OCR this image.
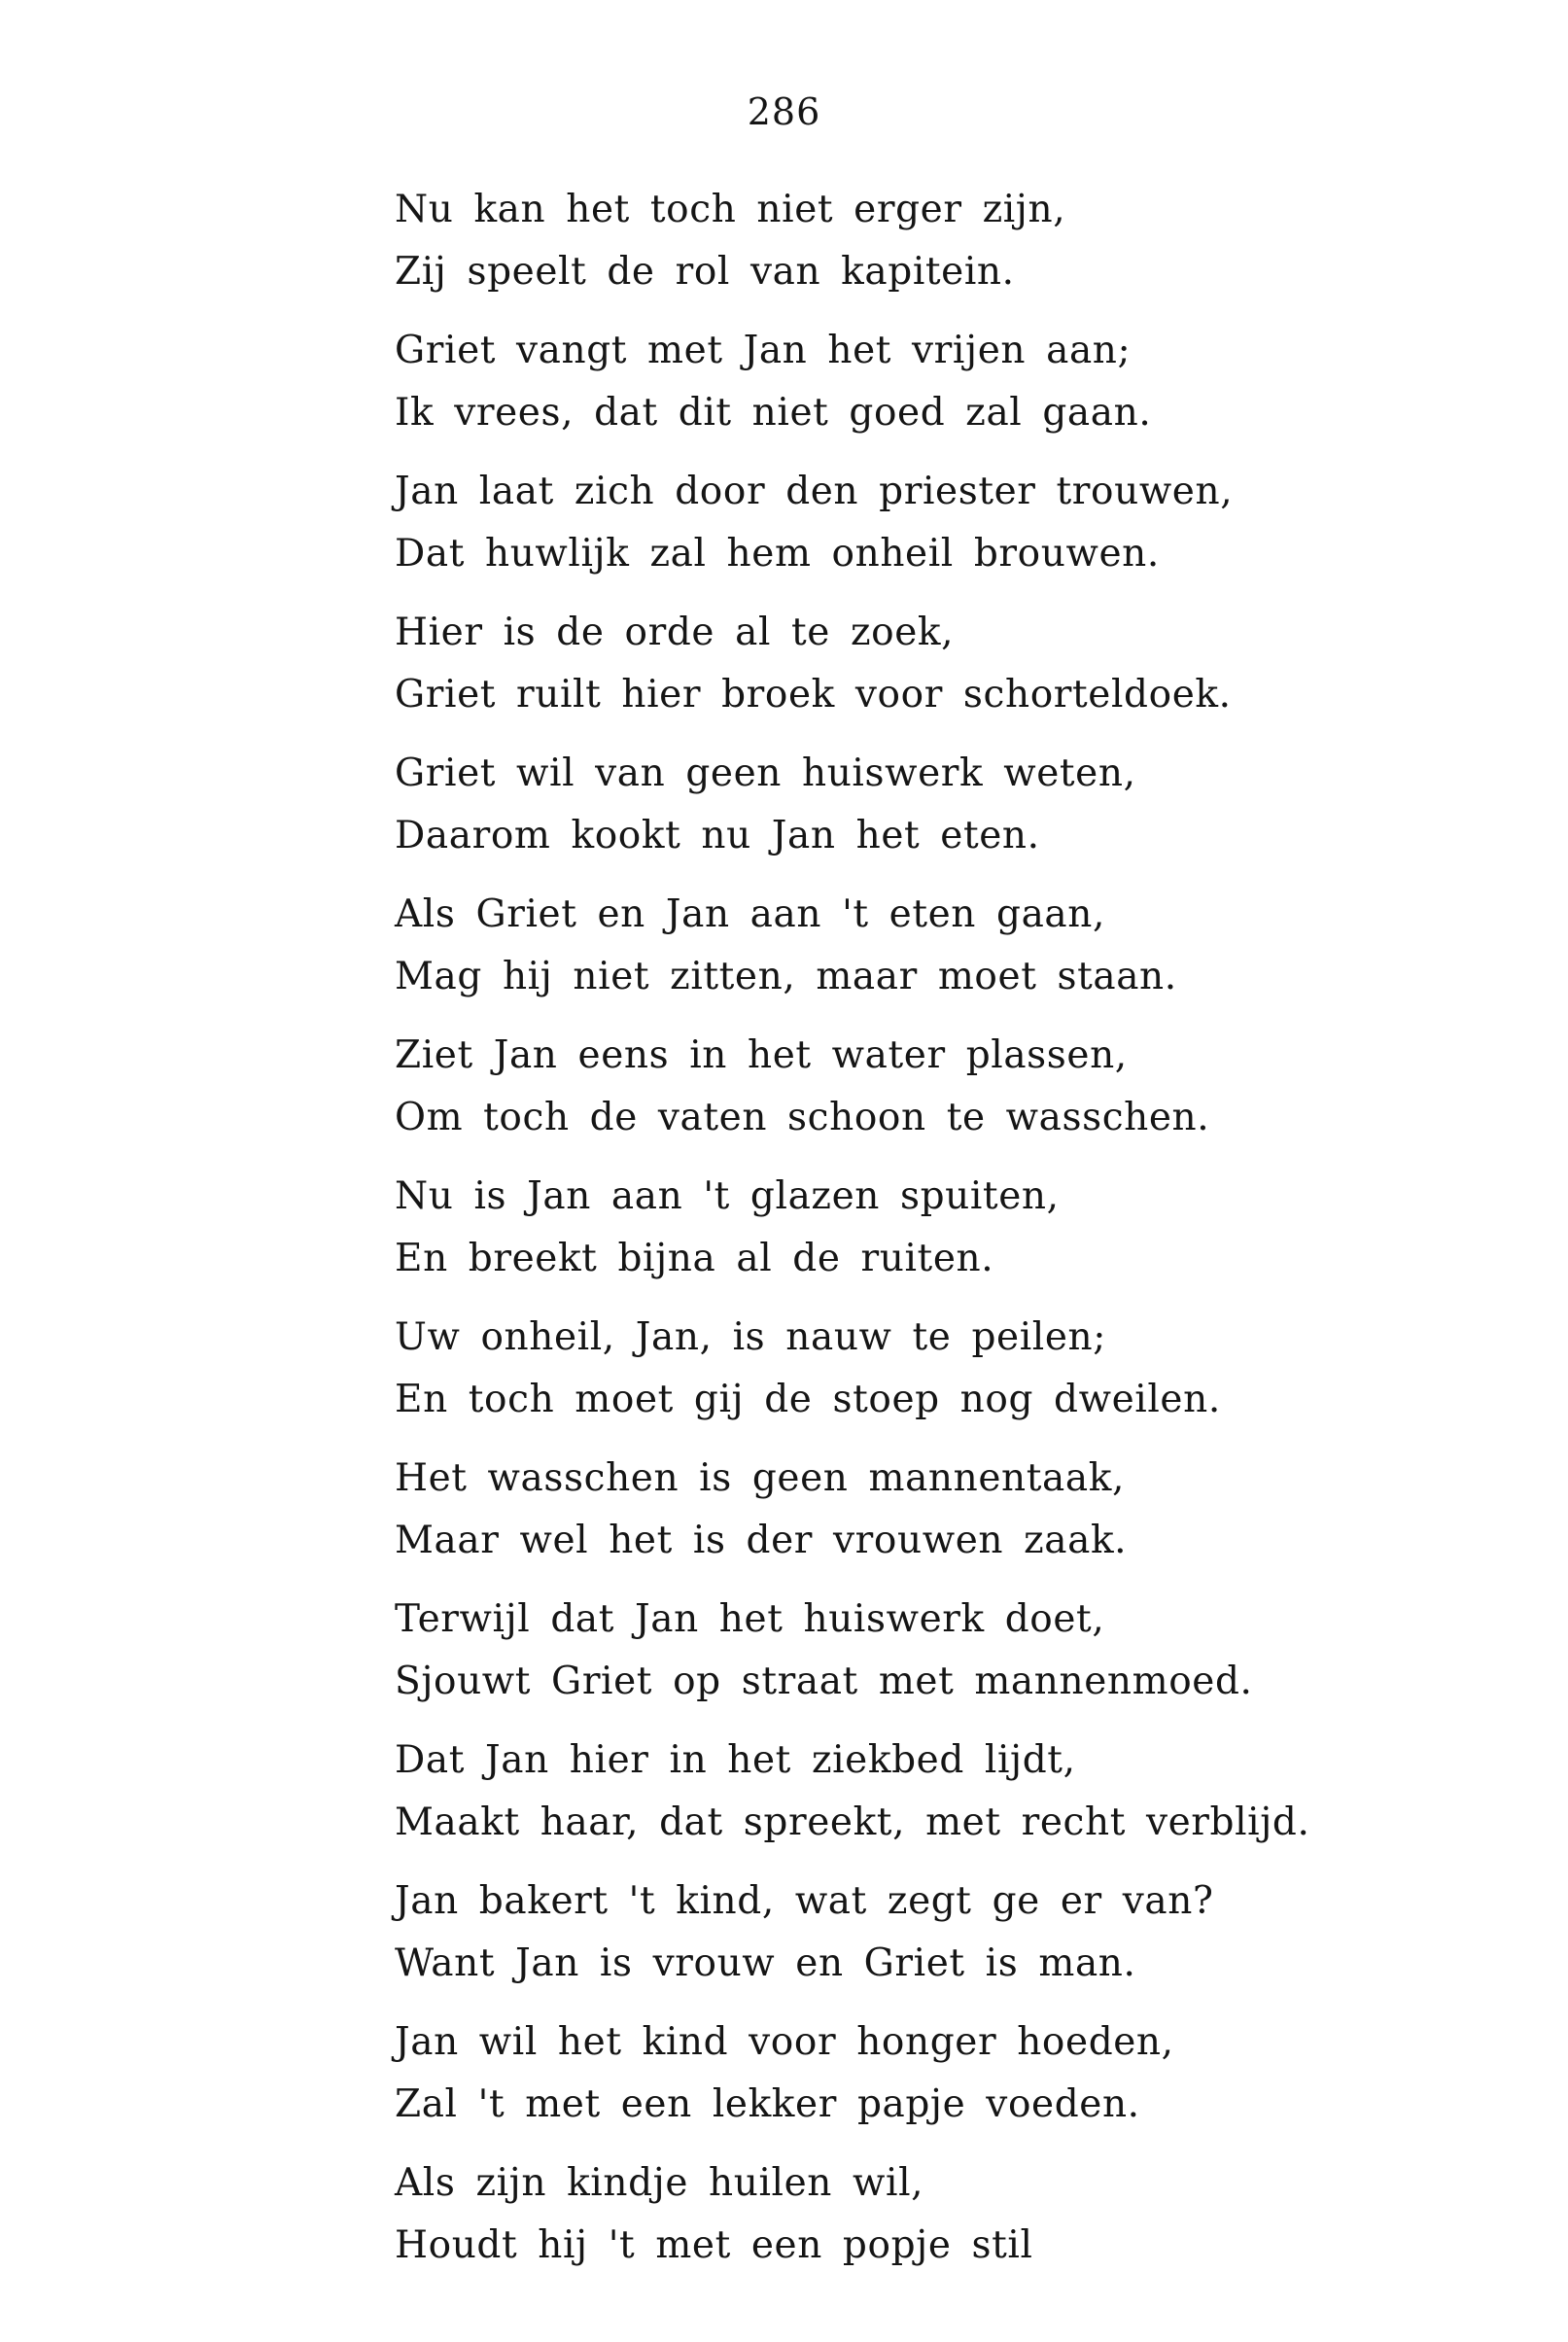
286
Nu kan het toch niet erger zijn,
Zij speelt de rol van kapitein.
Griet vangt met Jan het vrijen aan;
Ik vrees, dat dit niet goed zal gaan.
Jan laat zich door den priester trouwen,
Dat huwlijk zal hem onheil brouwen.
Hier is de orde al te zoek,
Griet ruilt hier broek voor schorteldoek.
Griet wil van geen huiswerk weten,
Daarom kookt nu Jan het eten.
Als Griet en Jan aan 't eten gaan,
Mag hij niet zitten, maar moet staan.
Ziet Jan eens in het water plassen,
Om toch de vaten schoon te wasschen.
Nu is Jan aan 't glazen spuiten,
En breekt bijna al de ruiten.
Uw onheil, Jan, is nauw te peilen;
En toch moet gij de stoep nog dweilen.
Het wasschen is geen mannentaak,
Maar wel het is der vrouwen zaak.
Terwijl dat Jan het huiswerk doet,
Sjouwt Griet op straat met mannenmoed.
Dat Jan hier in het ziekbed lijdt,
Maakt haar, dat spreekt, met recht verblijd.
Jan bakert 't kind, wat zegt ge er van?
Want Jan is vrouw en Griet is man.
Jan wil het kind voor honger hoeden,
Zal 't met een lekker papje voeden.
Als zijn kindje huilen wil,
Houdt hij 't met een popje stil
